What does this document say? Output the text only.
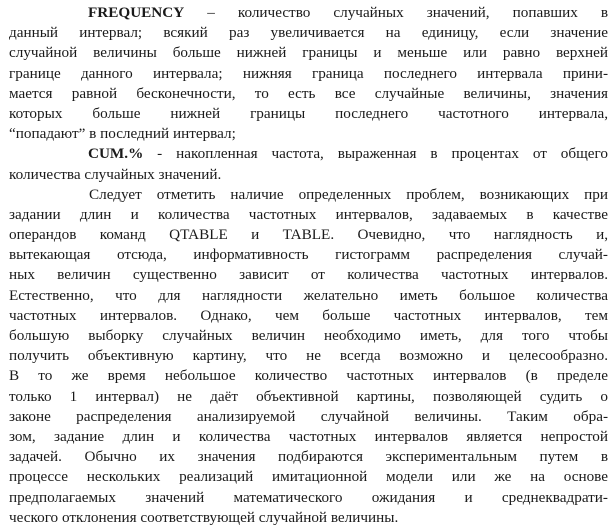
FREQUENCY – количество случайных значений, попавших в
данный интервал; всякий раз увеличивается на единицу, если значение
случайной величины больше нижней границы и меньше или равно верхней
границе данного интервала; нижняя граница последнего интервала прини-
мается равной бесконечности, то есть все случайные величины, значения
которых больше нижней границы последнего частотного интервала,
“попадают” в последний интервал;
CUM.% - накопленная частота, выраженная в процентах от общего
количества случайных значений.
Следует отметить наличие определенных проблем, возникающих при
задании длин и количества частотных интервалов, задаваемых в качестве
операндов команд QTABLE и TABLE. Очевидно, что наглядность и,
вытекающая отсюда, информативность гистограмм распределения случай-
ных величин существенно зависит от количества частотных интервалов.
Естественно, что для наглядности желательно иметь большое количества
частотных интервалов. Однако, чем больше частотных интервалов, тем
большую выборку случайных величин необходимо иметь, для того чтобы
получить объективную картину, что не всегда возможно и целесообразно.
В то же время небольшое количество частотных интервалов (в пределе
только 1 интервал) не даёт объективной картины, позволяющей судить о
законе распределения анализируемой случайной величины. Таким обра-
зом, задание длин и количества частотных интервалов является непростой
задачей. Обычно их значения подбираются экспериментальным путем в
процессе нескольких реализаций имитационной модели или же на основе
предполагаемых значений математического ожидания и среднеквадрати-
ческого отклонения соответствующей случайной величины.
